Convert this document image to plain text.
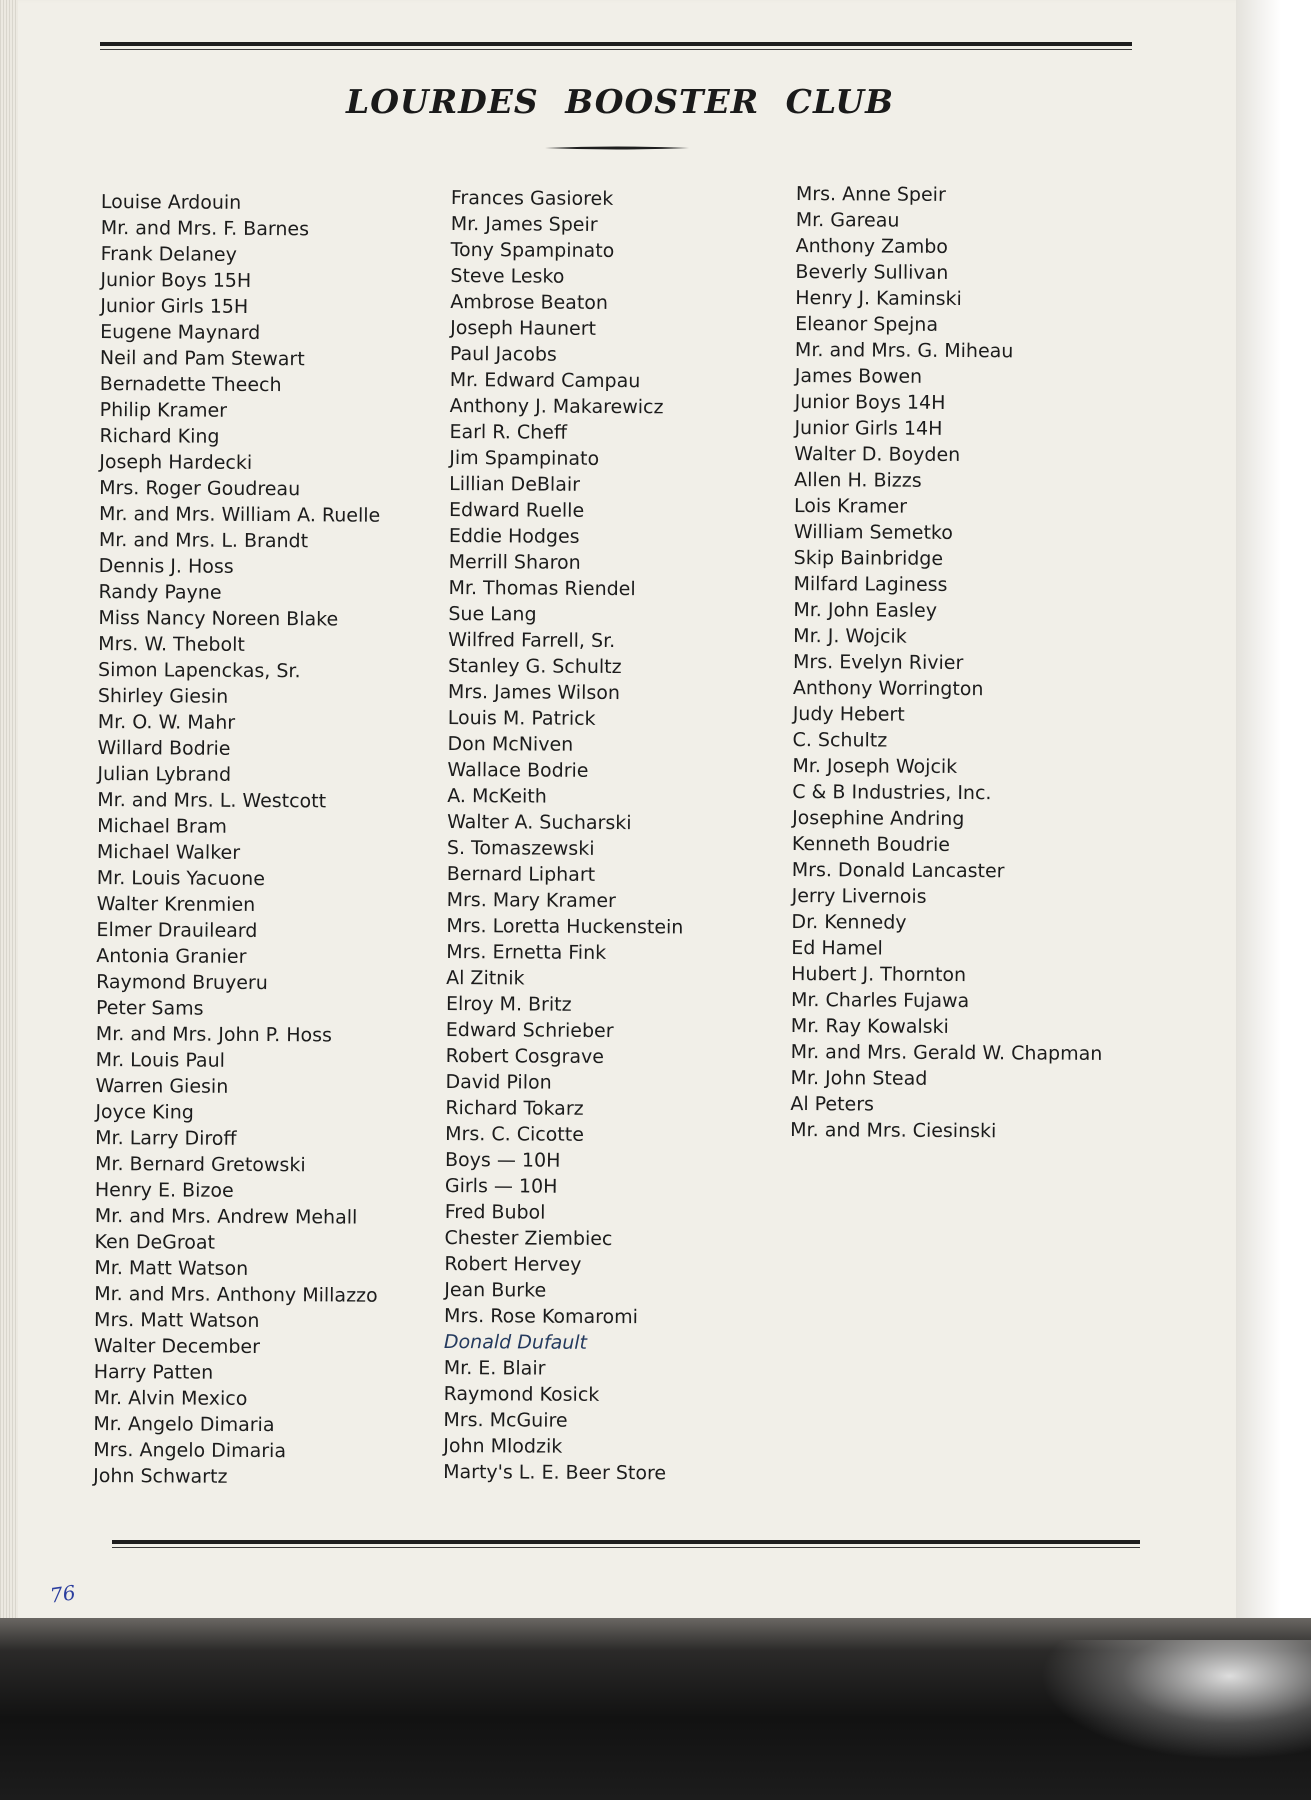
LOURDES BOOSTER CLUB
Louise Ardouin
Mr. and Mrs. F. Barnes
Frank Delaney
Junior Boys 15H
Junior Girls 15H
Eugene Maynard
Neil and Pam Stewart
Bernadette Theech
Philip Kramer
Richard King
Joseph Hardecki
Mrs. Roger Goudreau
Mr. and Mrs. William A. Ruelle
Mr. and Mrs. L. Brandt
Dennis J. Hoss
Randy Payne
Miss Nancy Noreen Blake
Mrs. W. Thebolt
Simon Lapenckas, Sr.
Shirley Giesin
Mr. O. W. Mahr
Willard Bodrie
Julian Lybrand
Mr. and Mrs. L. Westcott
Michael Bram
Michael Walker
Mr. Louis Yacuone
Walter Krenmien
Elmer Drauileard
Antonia Granier
Raymond Bruyeru
Peter Sams
Mr. and Mrs. John P. Hoss
Mr. Louis Paul
Warren Giesin
Joyce King
Mr. Larry Diroff
Mr. Bernard Gretowski
Henry E. Bizoe
Mr. and Mrs. Andrew Mehall
Ken DeGroat
Mr. Matt Watson
Mr. and Mrs. Anthony Millazzo
Mrs. Matt Watson
Walter December
Harry Patten
Mr. Alvin Mexico
Mr. Angelo Dimaria
Mrs. Angelo Dimaria
John Schwartz
Frances Gasiorek
Mr. James Speir
Tony Spampinato
Steve Lesko
Ambrose Beaton
Joseph Haunert
Paul Jacobs
Mr. Edward Campau
Anthony J. Makarewicz
Earl R. Cheff
Jim Spampinato
Lillian DeBlair
Edward Ruelle
Eddie Hodges
Merrill Sharon
Mr. Thomas Riendel
Sue Lang
Wilfred Farrell, Sr.
Stanley G. Schultz
Mrs. James Wilson
Louis M. Patrick
Don McNiven
Wallace Bodrie
A. McKeith
Walter A. Sucharski
S. Tomaszewski
Bernard Liphart
Mrs. Mary Kramer
Mrs. Loretta Huckenstein
Mrs. Ernetta Fink
Al Zitnik
Elroy M. Britz
Edward Schrieber
Robert Cosgrave
David Pilon
Richard Tokarz
Mrs. C. Cicotte
Boys — 10H
Girls — 10H
Fred Bubol
Chester Ziembiec
Robert Hervey
Jean Burke
Mrs. Rose Komaromi
Donald Dufault
Mr. E. Blair
Raymond Kosick
Mrs. McGuire
John Mlodzik
Marty's L. E. Beer Store
Mrs. Anne Speir
Mr. Gareau
Anthony Zambo
Beverly Sullivan
Henry J. Kaminski
Eleanor Spejna
Mr. and Mrs. G. Miheau
James Bowen
Junior Boys 14H
Junior Girls 14H
Walter D. Boyden
Allen H. Bizzs
Lois Kramer
William Semetko
Skip Bainbridge
Milfard Laginess
Mr. John Easley
Mr. J. Wojcik
Mrs. Evelyn Rivier
Anthony Worrington
Judy Hebert
C. Schultz
Mr. Joseph Wojcik
C & B Industries, Inc.
Josephine Andring
Kenneth Boudrie
Mrs. Donald Lancaster
Jerry Livernois
Dr. Kennedy
Ed Hamel
Hubert J. Thornton
Mr. Charles Fujawa
Mr. Ray Kowalski
Mr. and Mrs. Gerald W. Chapman
Mr. John Stead
Al Peters
Mr. and Mrs. Ciesinski
76
